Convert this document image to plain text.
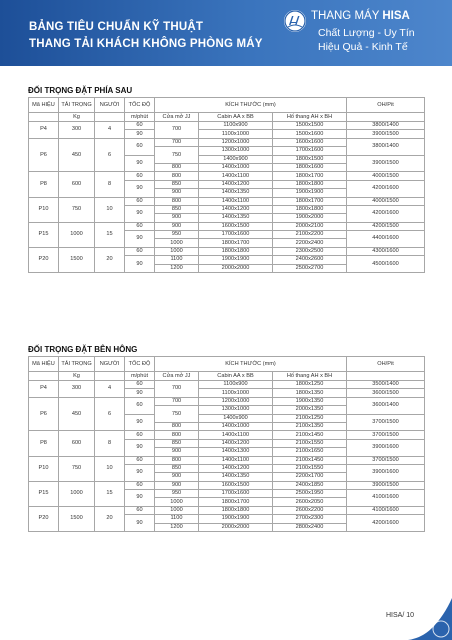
BẢNG TIÊU CHUẨN KỸ THUẬT
THANG TẢI KHÁCH KHÔNG PHÒNG MÁY
THANG MÁY HISA
Chất Lượng - Uy Tín
Hiệu Quả - Kinh Tế
ĐỐI TRỌNG ĐẶT PHÍA SAU
Mã HIỆU	TẢI TRỌNG	NGƯỜI	TỐC ĐỘ	KÍCH THƯỚC (mm)			OH/Pit
	Kg		m/phút	Cửa mở JJ	Cabin AA x BB	Hố thang AH x BH	
P4	300	4	60	700	1100x900	1500x1500	3800/1400
			90		1100x1000	1500x1600	3900/1500
P6	450	6	60	700	1200x1000	1600x1600	3800/1400
				750	1300x1000	1700x1600	
			90		1400x900	1800x1500	3900/1500
				800	1400x1000	1800x1600	
P8	600	8	60	800	1400x1100	1800x1700	4000/1500
			90	850	1400x1200	1800x1800	4200/1600
				900	1400x1350	1900x1900	
P10	750	10	60	800	1400x1100	1800x1700	4000/1500
			90	850	1400x1200	1800x1800	4200/1600
				900	1400x1350	1900x2000	
P15	1000	15	60	900	1600x1500	2000x2100	4200/1500
			90	950	1700x1600	2100x2200	4400/1600
				1000	1800x1700	2200x2400	
P20	1500	20	60	1000	1800x1800	2300x2500	4300/1600
			90	1100	1900x1900	2400x2600	4500/1600
				1200	2000x2000	2500x2700	
ĐỐI TRỌNG ĐẶT BÊN HÔNG
Mã HIỆU	TẢI TRỌNG	NGƯỜI	TỐC ĐỘ	KÍCH THƯỚC (mm)			OH/Pit
	Kg		m/phút	Cửa mở JJ	Cabin AA x BB	Hố thang AH x BH	
P4	300	4	60	700	1100x900	1800x1250	3500/1400
			90		1100x1000	1800x1350	3600/1500
P6	450	6	60	700	1200x1000	1900x1350	3600/1400
				750	1300x1000	2000x1350	
			90		1400x900	2100x1250	3700/1500
				800	1400x1000	2100x1350	
P8	600	8	60	800	1400x1100	2100x1450	3700/1500
			90	850	1400x1200	2100x1550	3900/1600
				900	1400x1300	2100x1650	
P10	750	10	60	800	1400x1100	2100x1450	3700/1500
			90	850	1400x1200	2100x1550	3900/1600
				900	1400x1350	2200x1700	
P15	1000	15	60	900	1600x1500	2400x1850	3900/1500
			90	950	1700x1600	2500x1950	4100/1600
				1000	1800x1700	2600x2050	
P20	1500	20	60	1000	1800x1800	2600x2200	4100/1600
			90	1100	1900x1900	2700x2300	4200/1600
				1200	2000x2000	2800x2400	
HISA/ 10
